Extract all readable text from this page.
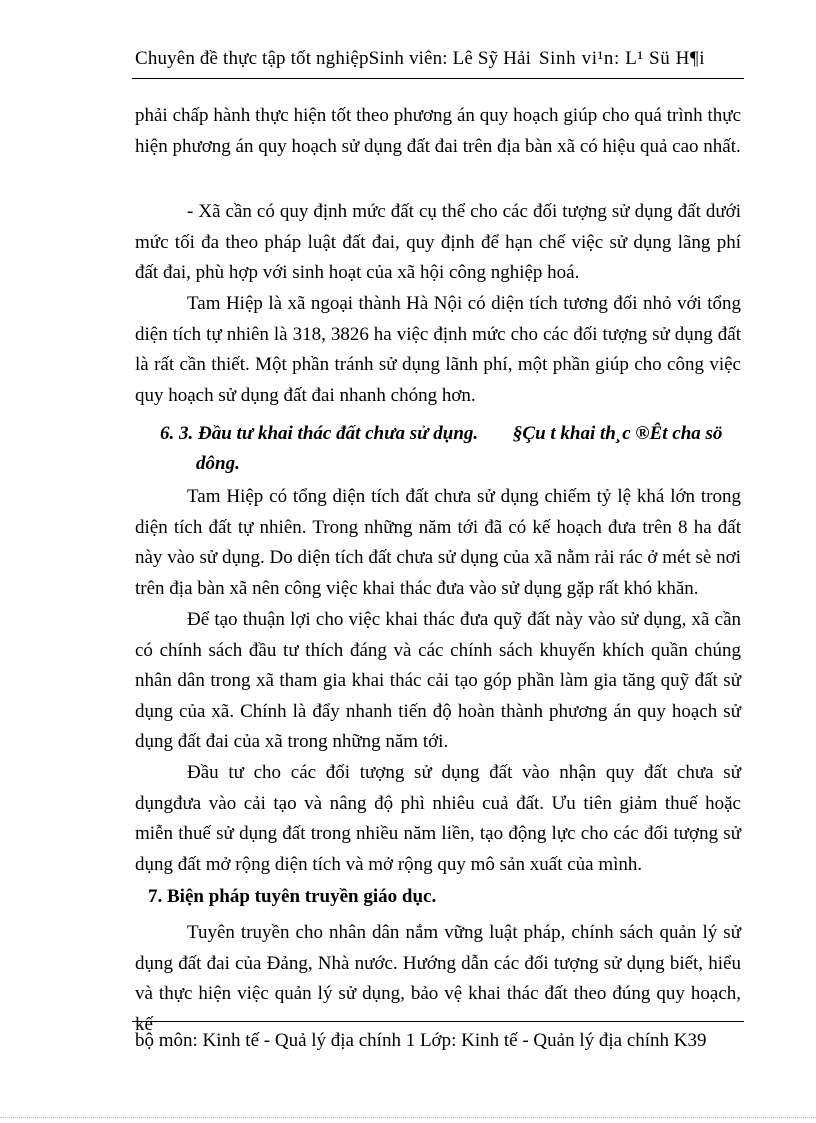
Chuyên đề thực tập tốt nghiệpSinh viên: Lê Sỹ Hải Sinh vi¹n: L¹ Sü H¶i
phải chấp hành thực hiện tốt theo phương án quy hoạch giúp cho quá trình thực hiện phương án quy hoạch sử dụng đất đai trên địa bàn xã có hiệu quả cao nhất.
- Xã cần có quy định mức đất cụ thể cho các đối tượng sử dụng đất dưới mức tối đa theo pháp luật đất đai, quy định để hạn chế việc sử dụng lãng phí đất đai, phù hợp với sinh hoạt của xã hội công nghiệp hoá.
Tam Hiệp là xã ngoại thành Hà Nội có diện tích tương đối nhỏ với tổng diện tích tự nhiên là 318, 3826 ha việc định mức cho các đối tượng sử dụng đất là rất cần thiết. Một phần tránh sử dụng lãnh phí, một phần giúp cho công việc quy hoạch sử dụng đất đai nhanh chóng hơn.
6. 3. Đầu tư khai thác đất chưa sử dụng. §Çu t khai th¸c ®Êt cha sö
dông.
Tam Hiệp có tổng diện tích đất chưa sử dụng chiếm tỷ lệ khá lớn trong diện tích đất tự nhiên. Trong những năm tới đã có kế hoạch đưa trên 8 ha đất này vào sử dụng. Do diện tích đất chưa sử dụng của xã nằm rải rác ở mét sè nơi trên địa bàn xã nên công việc khai thác đưa vào sử dụng gặp rất khó khăn.
Để tạo thuận lợi cho việc khai thác đưa quỹ đất này vào sử dụng, xã cần có chính sách đầu tư thích đáng và các chính sách khuyến khích quần chúng nhân dân trong xã tham gia khai thác cải tạo góp phần làm gia tăng quỹ đất sử dụng của xã. Chính là đẩy nhanh tiến độ hoàn thành phương án quy hoạch sử dụng đất đai của xã trong những năm tới.
Đầu tư cho các đối tượng sử dụng đất vào nhận quy đất chưa sử dụngđưa vào cải tạo và nâng độ phì nhiêu cuả đất. Ưu tiên giảm thuế hoặc miễn thuế sử dụng đất trong nhiều năm liền, tạo động lực cho các đối tượng sử dụng đất mở rộng diện tích và mở rộng quy mô sản xuất của mình.
7. Biện pháp tuyên truyền giáo dục.
Tuyên truyền cho nhân dân nắm vững luật pháp, chính sách quản lý sử dụng đất đai của Đảng, Nhà nước. Hướng dẫn các đối tượng sử dụng biết, hiểu và thực hiện việc quản lý sử dụng, bảo vệ khai thác đất theo đúng quy hoạch, kế
bộ môn: Kinh tế - Quả lý địa chính 1 Lớp: Kinh tế - Quản lý địa chính K39
